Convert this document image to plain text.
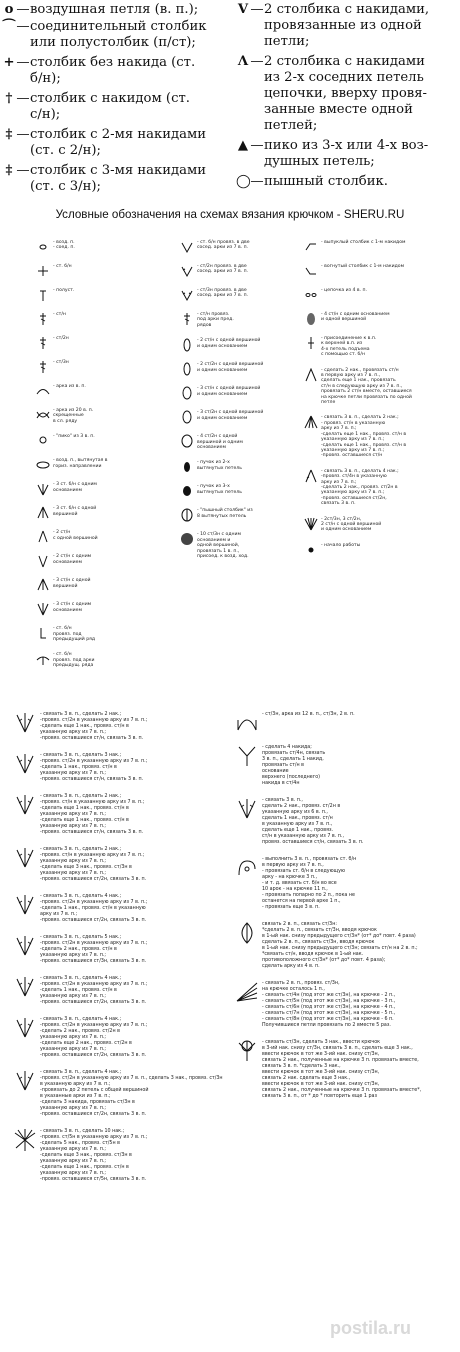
o — воздушная петля (в. п.);
⌒ — соединительный столбик
или полустолбик (п/ст);
+ — столбик без накида (ст.
б/н);
† — столбик с накидом (ст.
с/н);
‡ — столбик с 2-мя накидами
(ст. с 2/н);
‡ — столбик с 3-мя накидами
(ст. с 3/н);
V — 2 столбика с накидами,
провязанные из одной
петли;
Λ — 2 столбика с накидами
из 2-х соседних петель
цепочки, вверху провя-
занные вместе одной
петлей;
▲ — пико из 3-х или 4-х воз-
душных петель;
◯ — пышный столбик.
Условные обозначения на схемах вязания крючком - SHERU.RU
- возд. п.
- соед. п.
- ст. б/н
- полуст.
- ст/н
- ст/2н
- ст/3н
- арка из в. п.
- арка из 20 в. п.
скрещенные
в сл. ряду
- "пико" из 3 в. п.
- возд. п., вытянутая в
гориз. направлении
- 3 ст. б/н с одним
основанием
- 3 ст. б/н с одной
вершиной
- 2 ст/н
с одной вершиной
- 2 ст/н с одним
основанием
- 3 ст/н с одной
вершиной
- 3 ст/н с одним
основанием
- ст. б/н
провяз. под
предыдущий ряд
- ст. б/н
провяз. под арки
предыдущ. ряда
- ст. б/н провяз. в две
сосед. арки из 7 в. п.
- ст/2н провяз. в две
сосед. арки из 7 в. п.
- ст/3н провяз. в две
сосед. арки из 7 в. п.
- ст/н провяз.
под арки пред.
рядов
- 2 ст/н с одной вершиной
и одним основанием
- 2 ст/2н с одной вершиной
и одним основанием
- 3 ст/н с одной вершиной
и одним основанием
- 3 ст/2н с одной вершиной
и одним основанием
- 4 ст/2н с одной
вершиной и одним
основанием
- пучок из 2-х
вытянутых петель
- пучок из 3-х
вытянутых петель
- "пышный столбик" из
8 вытянутых петель
- 10 ст/3н с одним
основанием и
одной вершиной,
провязать 1 в. п.,
присоед. к возд. ход.
- выпуклый столбик с 1-м накидом
- вогнутый столбик с 1-м накидом
- цепочка из 4 в. п.
- 4 ст/н с одним основанием
и одной вершиной
- присоединение к в.п.
к верхней в.п. из
4-х петель подъема
с помощью ст. б/н
- сделать 2 нак., провязать ст/н
в первую арку из 7 в. п.,
сделать еще 1 нак., провязать
ст/н в следующую арку из 7 в. п.,
провязать 2 ст/н вместе, оставшиеся
на крючке петли провязать по одной
петле
- связать 3 в. п., сделать 2 нак.;
- провяз. ст/н в указанную
арку из 7 в. п.;
-сделать еще 1 нак., провяз. ст/н в
указанную арку из 7 в. п.;
-сделать еще 1 нак., провяз. ст/н в
указанную арку из 7 в. п.;
-провяз. оставшиеся ст/н
- связать 3 в. п., сделать 4 нак.;
-провяз. ст/4н в указанную
арку из 7 в. п.;
-сделать 2 нак., провяз. ст/2н в
указанную арку из 7 в. п.;
-провяз. оставшиеся ст/2н,
связать 3 в. п.
- 2ст/3н, 3 ст/2н,
2 ст/н с одной вершиной
и одним основанием
- начало работы
- связать 3 в. п., сделать 2 нак.;
-провяз. ст/2н в указанную арку из 7 в. п.;
-сделать еще 1 нак., провяз. ст/н в
указанную арку из 7 в. п.;
-провяз. оставшиеся ст/н, связать 3 в. п.
- связать 3 в. п., сделать 3 нак.;
-провяз. ст/2н в указанную арку из 7 в. п.;
-сделать 1 нак., провяз. ст/н в
указанную арку из 7 в. п.;
-провяз. оставшиеся ст/н, связать 3 в. п.
- связать 3 в. п., сделать 2 нак.;
-провяз. ст/н в указанную арку из 7 в. п.;
-сделать еще 1 нак., провяз. ст/н в
указанную арку из 7 в. п.;
-сделать еще 1 нак., провяз. ст/н в
указанную арку из 7 в. п.;
-провяз. оставшиеся ст/н, связать 3 в. п.
- связать 3 в. п., сделать 2 нак.;
-провяз. ст/н в указанную арку из 7 в. п.;
указанную арку из 7 в. п.;
-сделать еще 3 нак., провяз. ст/3н в
указанную арку из 7 в. п.;
-провяз. оставшиеся ст/2н, связать 3 в. п.
- связать 3 в. п., сделать 4 нак.;
-провяз. ст/2н в указанную арку из 7 в. п.;
-сделать 1 нак., провяз. ст/н в указанную
арку из 7 в. п.;
-провяз. оставшиеся ст/2н, связать 3 в. п.
- связать 3 в. п., сделать 5 нак.;
-провяз. ст/2н в указанную арку из 7 в. п.;
-сделать 2 нак., провяз. ст/н в
указанную арку из 7 в. п.;
-провяз. оставшиеся ст/3н, связать 3 в. п.
- связать 3 в. п., сделать 4 нак.;
-провяз. ст/2н в указанную арку из 7 в. п.;
-сделать 1 нак., провяз. ст/н в
указанную арку из 7 в. п.;
-провяз. оставшиеся ст/2н, связать 3 в. п.
- связать 3 в. п., сделать 4 нак.;
-провяз. ст/2н в указанную арку из 7 в. п.;
-сделать 2 нак., провяз. ст/2н в
указанную арку из 7 в. п.;
-сделать еще 2 нак., провяз. ст/2н в
указанную арку из 7 в. п.;
-провяз. оставшиеся ст/2н, связать 3 в. п.
- связать 3 в. п., сделать 4 нак.;
-провяз. ст/2н в указанную арку из 7 в. п., сделать 3 нак., провяз. ст/3н
в указанную арку из 7 в. п.;
-провязать до 2 петель с общей вершиной
в указанные арки из 7 в. п.;
-сделать 3 накида, провязать ст/3н в
указанную арку из 7 в. п.;
-провяз. оставшиеся ст/2н, связать 3 в. п.
- связать 3 в. п., сделать 10 нак.;
-провяз. ст/5н в указанную арку из 7 в. п.;
-сделать 5 нак., провяз. ст/5н в
указанную арку из 7 в. п.;
-сделать еще 3 нак., провяз. ст/3н в
указанную арку из 7 в. п.;
-сделать еще 1 нак., провяз. ст/н в
указанную арку из 7 в. п.;
-провяз. оставшиеся ст/5н, связать 3 в. п.
- ст/3н, арка из 12 в. п., ст/3н, 2 в. п.
- сделать 4 накида;
провязать ст/4н, связать
3 в. п., сделать 1 накид,
провязать ст/н в
основание
верхнего (последнего)
накида в ст/4н
- связать 3 в. п.,
сделать 2 нак., провяз. ст/2н в
указанную арку из 6 в. п.,
сделать 1 нак., провяз. ст/н
в указанную арку из 7 в. п.,
сделать еще 1 нак., провяз.
ст/н в указанную арку из 7 в. п.,
провяз. оставшиеся ст/н, связать 3 в. п.
- выполнить 3 в. п., провязать ст. б/н
в первую арку из 7 в. п.,
- провязать ст. б/н в следующую
арку - на крючке 3 п.,
- и т. д. ввязать ст. б/н во все
10 арок - на крючке 11 п.,
- провязать попарно по 2 п., пока не
останется на первой арке 1 п.,
- провязать еще 3 в. п.
связать 2 в. п., связать ст/3н:
*сделать 2 в. п., связать ст/3н, вводя крючок
в 1-ый нак. снизу предыдущего ст/3н* (от* до* повт. 4 раза)
сделать 2 в. п., связать ст/3н, вводя крючок
в 1-ый нак. снизу предыдущего ст/3н; связать ст/н на 2 в. п.;
*связать ст/н, вводя крючок в 1-ый нак.
противоположного ст/3н* (от* до* повт. 4 раза);
сделать арку из 4 в. п.
- связать 2 в. п., провяз. ст/3н,
на крючке осталось 1 п.,
- связать ст/4н (под этот же ст/3н), на крючке - 2 п.,
- связать ст/5н (под этот же ст/3н), на крючке - 3 п.,
- связать ст/6н (под этот же ст/3н), на крючке - 4 п.,
- связать ст/7н (под этот же ст/3н), на крючке - 5 п.,
- связать ст/8н (под этот же ст/3н), на крючке - 6 п.
Получившиеся петли провязать по 2 вместе 5 раз.
- связать ст/3н, сделать 3 нак., ввести крючок
в 3-ий нак. снизу ст/3н, связать 3 в. п., сделать еще 3 нак.,
ввести крючок в тот же 3-ий нак. снизу ст/3н,
связать 2 нак., полученные на крючке 3 п. провязать вместе,
связать 3 в. п. *сделать 3 нак.,
ввести крючок в тот же 3-ий нак. снизу ст/3н,
связать 2 нак. сделать еще 3 нак.,
ввести крючок в тот же 3-ий нак. снизу ст/3н,
связать 2 нак., полученные на крючке 3 п. провязать вместе*,
связать 3 в. п., от * до * повторить еще 1 раз
postila.ru
